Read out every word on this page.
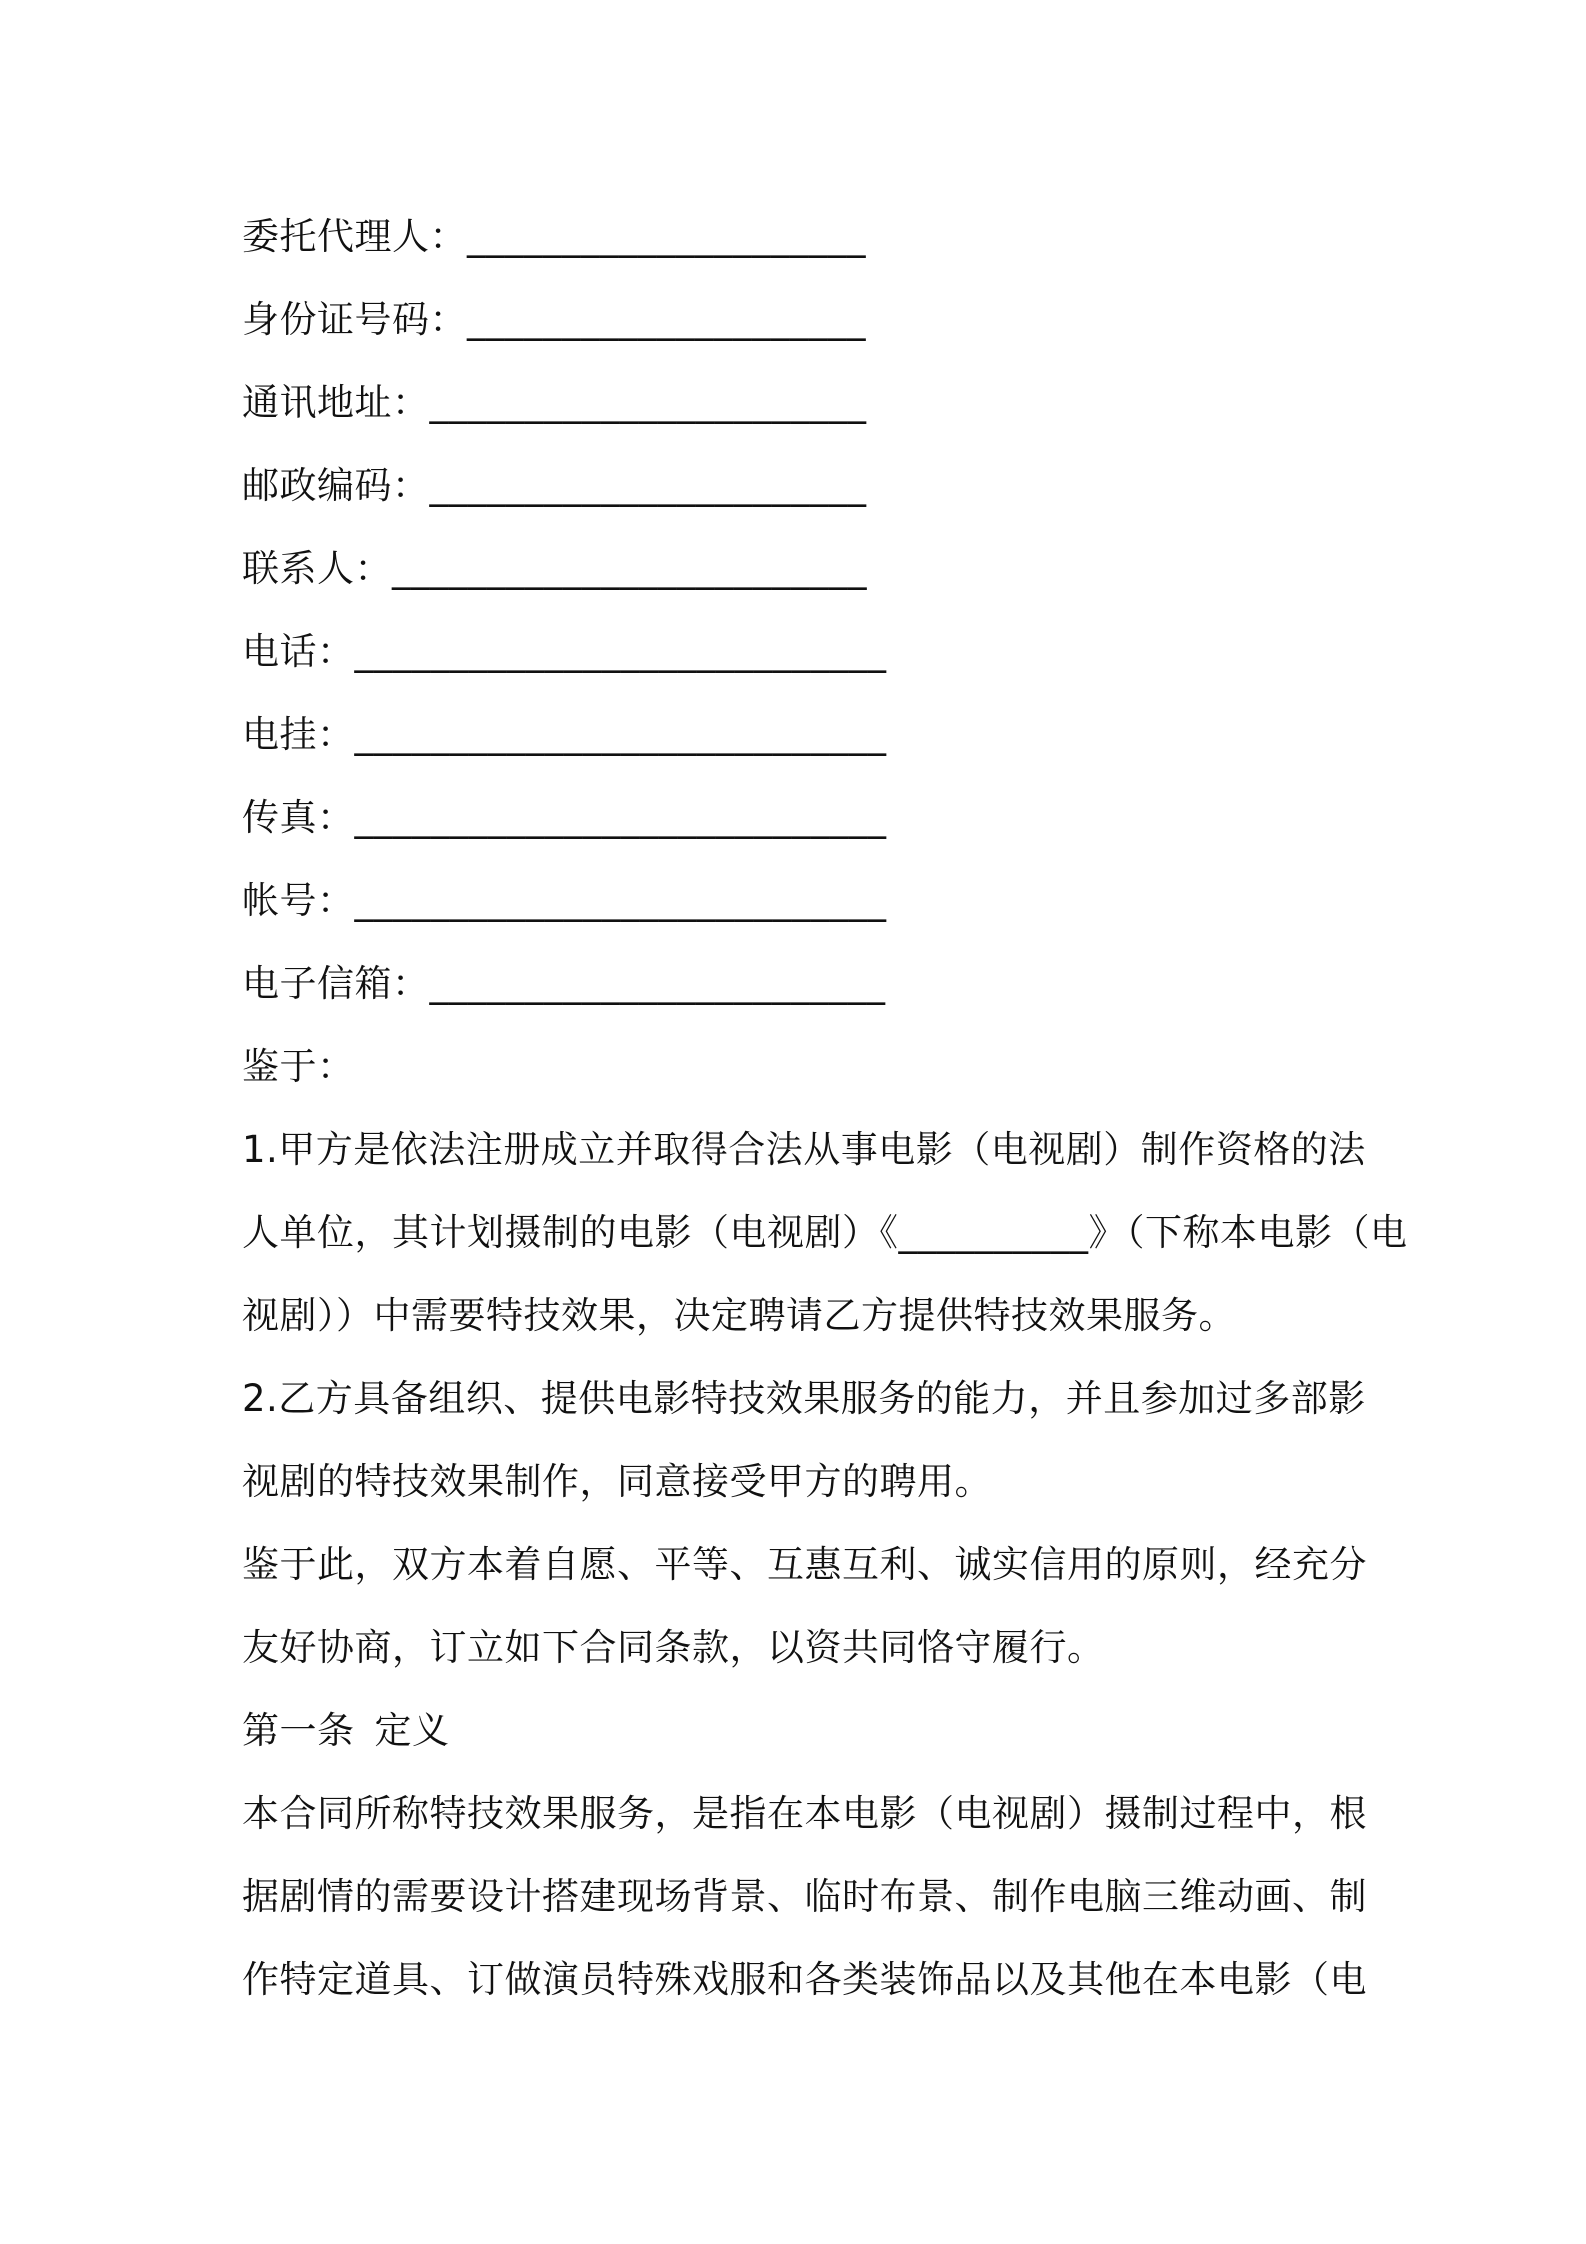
委托代理人：_____________________
身份证号码：_____________________
通讯地址：_______________________
邮政编码：_______________________
联系人：_________________________
电话：____________________________
电挂：____________________________
传真：____________________________
帐号：____________________________
电子信箱：________________________
鉴于：
1.甲方是依法注册成立并取得合法从事电影（电视剧）制作资格的法
人单位，其计划摄制的电影（电视剧）《__________》（下称本电影（电
视剧））中需要特技效果，决定聘请乙方提供特技效果服务。
2.乙方具备组织、提供电影特技效果服务的能力，并且参加过多部影
视剧的特技效果制作，同意接受甲方的聘用。
鉴于此，双方本着自愿、平等、互惠互利、诚实信用的原则，经充分
友好协商，订立如下合同条款，以资共同恪守履行。
第一条 定义
本合同所称特技效果服务，是指在本电影（电视剧）摄制过程中，根
据剧情的需要设计搭建现场背景、临时布景、制作电脑三维动画、制
作特定道具、订做演员特殊戏服和各类装饰品以及其他在本电影（电
